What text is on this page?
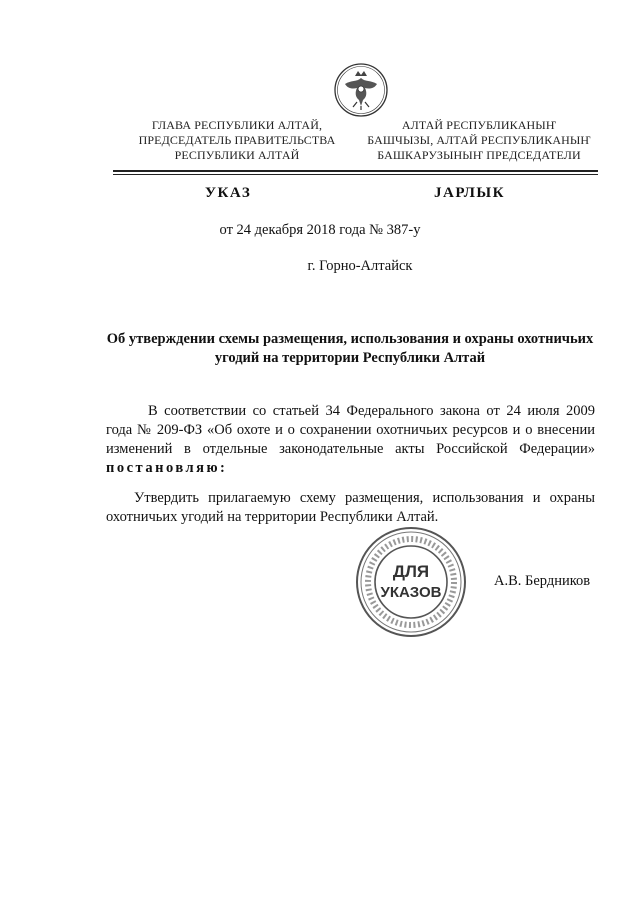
ГЛАВА РЕСПУБЛИКИ АЛТАЙ,
ПРЕДСЕДАТЕЛЬ ПРАВИТЕЛЬСТВА
РЕСПУБЛИКИ АЛТАЙ
АЛТАЙ РЕСПУБЛИКАНЫҤ
БАШЧЫЗЫ, АЛТАЙ РЕСПУБЛИКАНЫҤ
БАШКАРУЗЫНЫҤ ПРЕДСЕДАТЕЛИ
УКАЗ	ЈАРЛЫК
от 24 декабря 2018 года № 387-у
г. Горно-Алтайск
Об утверждении схемы размещения, использования и охраны охотничьих угодий на территории Республики Алтай
В соответствии со статьей 34 Федерального закона от 24 июля 2009 года № 209-ФЗ «Об охоте и о сохранении охотничьих ресурсов и о внесении изменений в отдельные законодательные акты Российской Федерации» постановляю:
Утвердить прилагаемую схему размещения, использования и охраны охотничьих угодий на территории Республики Алтай.
ДЛЯ
УКАЗОВ
А.В. Бердников
